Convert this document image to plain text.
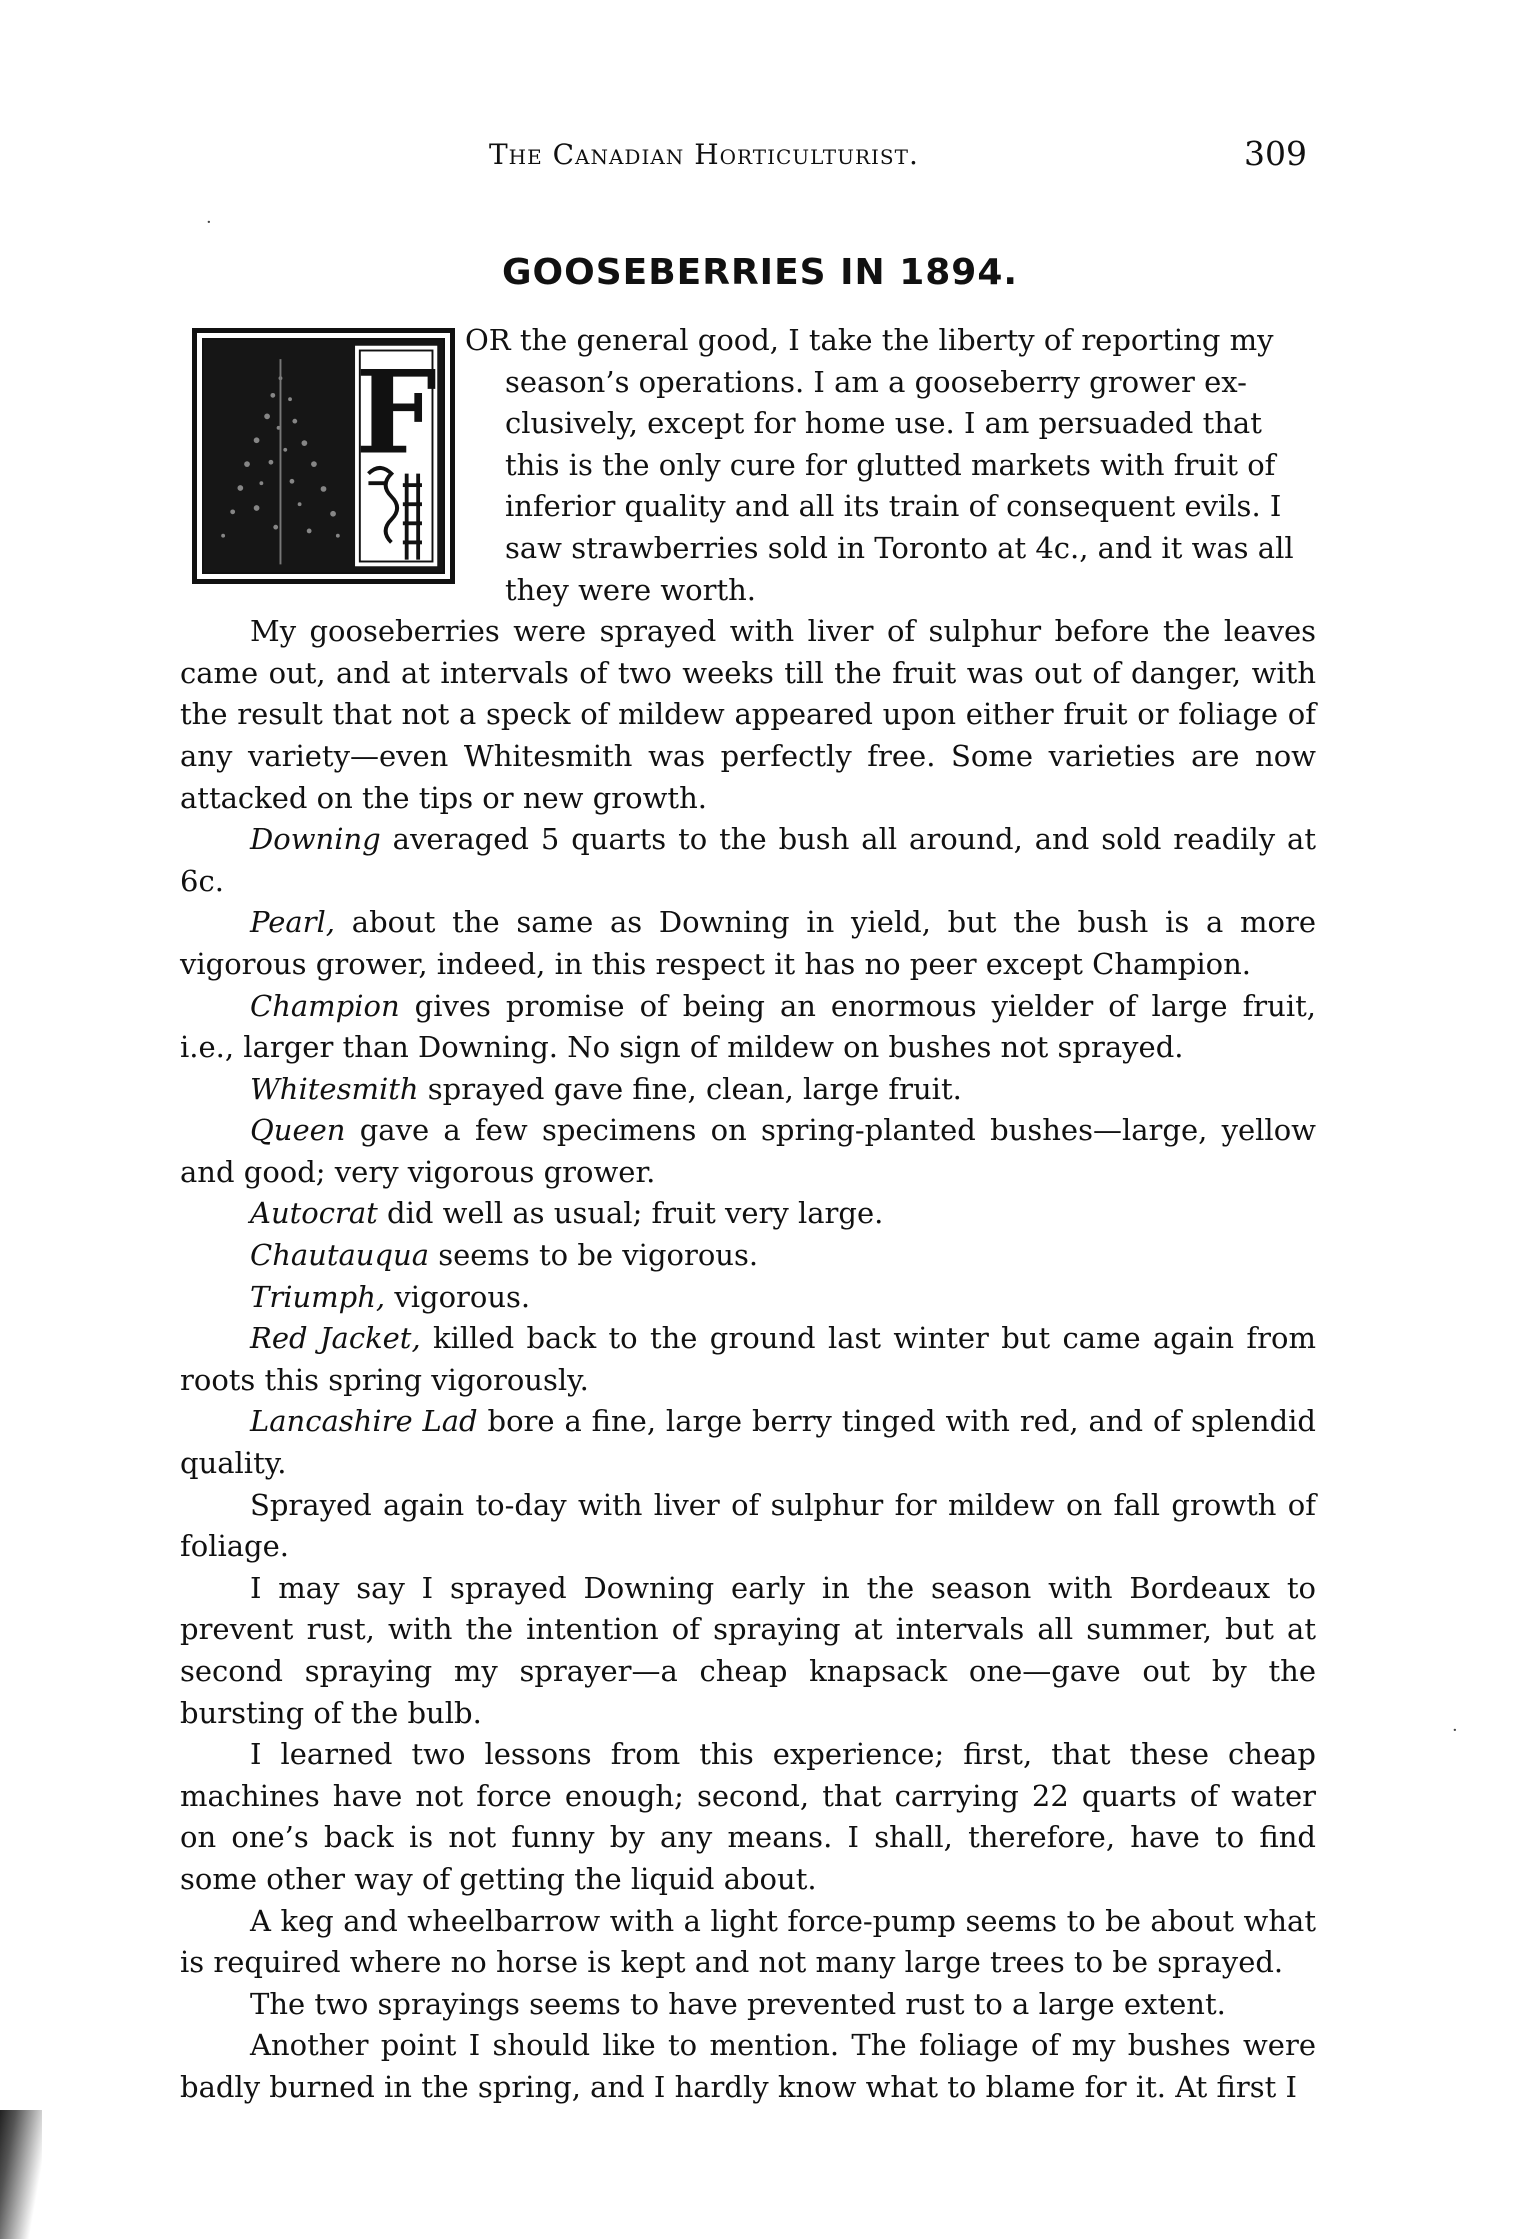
The Canadian Horticulturist.	309
GOOSEBERRIES IN 1894.
F
OR the general good, I take the liberty of reporting my
season’s operations. I am a gooseberry grower ex-
clusively, except for home use. I am persuaded that
this is the only cure for glutted markets with fruit of
inferior quality and all its train of consequent evils. I
saw strawberries sold in Toronto at 4c., and it was all
they were worth.

My gooseberries were sprayed with liver of sulphur before the leaves came out, and at intervals of two weeks till the fruit was out of danger, with the result that not a speck of mildew appeared upon either fruit or foliage of any variety—even Whitesmith was perfectly free. Some varieties are now attacked on the tips or new growth.

Downing averaged 5 quarts to the bush all around, and sold readily at 6c.

Pearl, about the same as Downing in yield, but the bush is a more vigorous grower, indeed, in this respect it has no peer except Champion.

Champion gives promise of being an enormous yielder of large fruit, i.e., larger than Downing. No sign of mildew on bushes not sprayed.

Whitesmith sprayed gave fine, clean, large fruit.

Queen gave a few specimens on spring-planted bushes—large, yellow and good; very vigorous grower.

Autocrat did well as usual; fruit very large.

Chautauqua seems to be vigorous.

Triumph, vigorous.

Red Jacket, killed back to the ground last winter but came again from roots this spring vigorously.

Lancashire Lad bore a fine, large berry tinged with red, and of splendid quality.

Sprayed again to-day with liver of sulphur for mildew on fall growth of foliage.

I may say I sprayed Downing early in the season with Bordeaux to prevent rust, with the intention of spraying at intervals all summer, but at second spraying my sprayer—a cheap knapsack one—gave out by the bursting of the bulb.

I learned two lessons from this experience; first, that these cheap machines have not force enough; second, that carrying 22 quarts of water on one’s back is not funny by any means. I shall, therefore, have to find some other way of getting the liquid about.

A keg and wheelbarrow with a light force-pump seems to be about what is required where no horse is kept and not many large trees to be sprayed.

The two sprayings seems to have prevented rust to a large extent.

Another point I should like to mention. The foliage of my bushes were badly burned in the spring, and I hardly know what to blame for it. At first I

·
·
